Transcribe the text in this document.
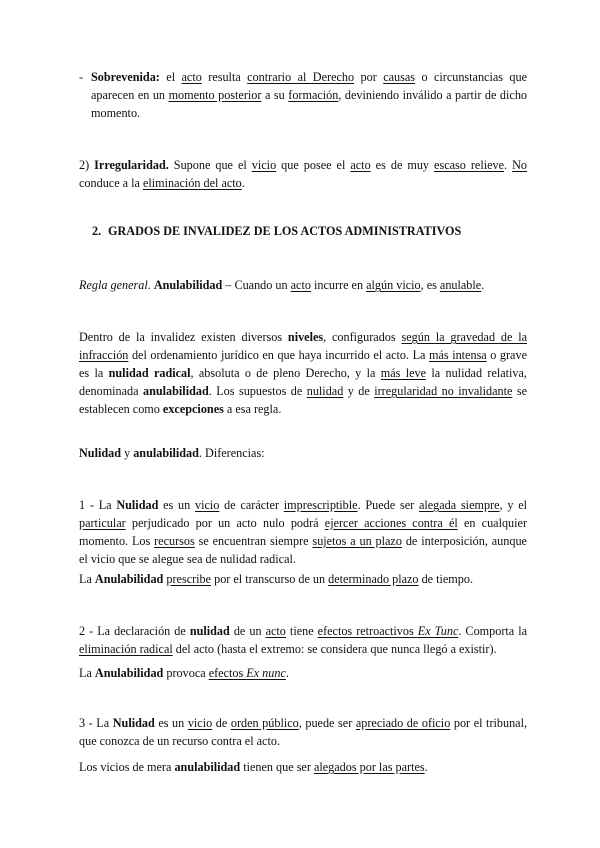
- Sobrevenida: el acto resulta contrario al Derecho por causas o circunstancias que aparecen en un momento posterior a su formación, deviniendo inválido a partir de dicho momento.

2) Irregularidad. Supone que el vicio que posee el acto es de muy escaso relieve. No conduce a la eliminación del acto.

2. GRADOS DE INVALIDEZ DE LOS ACTOS ADMINISTRATIVOS

Regla general. Anulabilidad – Cuando un acto incurre en algún vicio, es anulable.

Dentro de la invalidez existen diversos niveles, configurados según la gravedad de la infracción del ordenamiento jurídico en que haya incurrido el acto. La más intensa o grave es la nulidad radical, absoluta o de pleno Derecho, y la más leve la nulidad relativa, denominada anulabilidad. Los supuestos de nulidad y de irregularidad no invalidante se establecen como excepciones a esa regla.

Nulidad y anulabilidad. Diferencias:

1 - La Nulidad es un vicio de carácter imprescriptible. Puede ser alegada siempre, y el particular perjudicado por un acto nulo podrá ejercer acciones contra él en cualquier momento. Los recursos se encuentran siempre sujetos a un plazo de interposición, aunque el vicio que se alegue sea de nulidad radical.

La Anulabilidad prescribe por el transcurso de un determinado plazo de tiempo.

2 - La declaración de nulidad de un acto tiene efectos retroactivos Ex Tunc. Comporta la eliminación radical del acto (hasta el extremo: se considera que nunca llegó a existir).

La Anulabilidad provoca efectos Ex nunc.

3 - La Nulidad es un vicio de orden público, puede ser apreciado de oficio por el tribunal, que conozca de un recurso contra el acto.

Los vicios de mera anulabilidad tienen que ser alegados por las partes.
